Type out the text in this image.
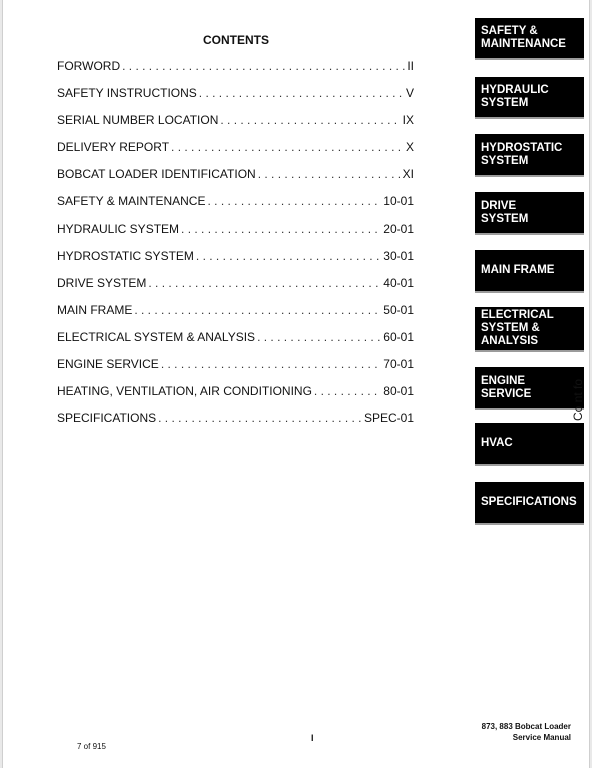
CONTENTS
FORWORD . . .	II
SAFETY INSTRUCTIONS . . .	V
SERIAL NUMBER LOCATION . . .	IX
DELIVERY REPORT . . .	X
BOBCAT LOADER IDENTIFICATION . . .	XI
SAFETY & MAINTENANCE . . .	10-01
HYDRAULIC SYSTEM . . .	20-01
HYDROSTATIC SYSTEM . . .	30-01
DRIVE SYSTEM . . .	40-01
MAIN FRAME . . .	50-01
ELECTRICAL SYSTEM & ANALYSIS . . .	60-01
ENGINE SERVICE . . .	70-01
HEATING, VENTILATION, AIR CONDITIONING . . .	80-01
SPECIFICATIONS . . .	SPEC-01
SAFETY &
MAINTENANCE
HYDRAULIC
SYSTEM
HYDROSTATIC
SYSTEM
DRIVE
SYSTEM
MAIN FRAME
ELECTRICAL
SYSTEM &
ANALYSIS
ENGINE
SERVICE
HVAC
SPECIFICATIONS
Co nt fo
7 of 915
I
873, 883 Bobcat Loader
Service Manual
